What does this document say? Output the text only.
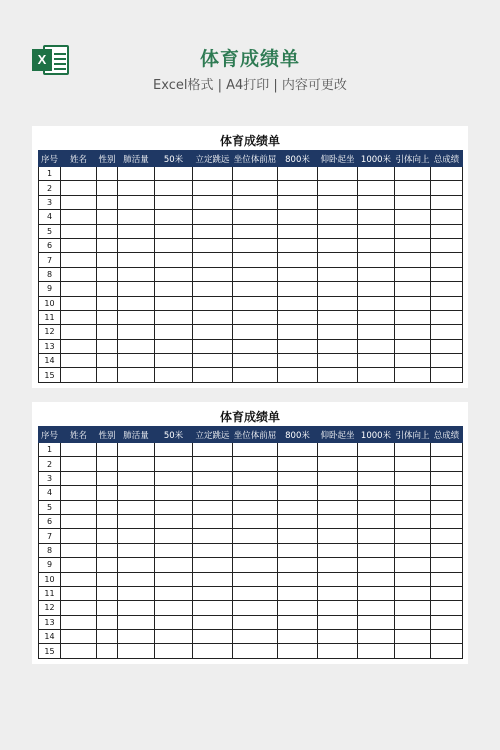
X	体育成绩单
Excel格式 | A4打印 | 内容可更改
体育成绩单
序号	姓名	性别	肺活量	50米	立定跳远	坐位体前屈	800米	仰卧起坐	1000米	引体向上	总成绩
1											
2											
3											
4											
5											
6											
7											
8											
9											
10											
11											
12											
13											
14											
15											
体育成绩单
序号	姓名	性别	肺活量	50米	立定跳远	坐位体前屈	800米	仰卧起坐	1000米	引体向上	总成绩
1											
2											
3											
4											
5											
6											
7											
8											
9											
10											
11											
12											
13											
14											
15											
